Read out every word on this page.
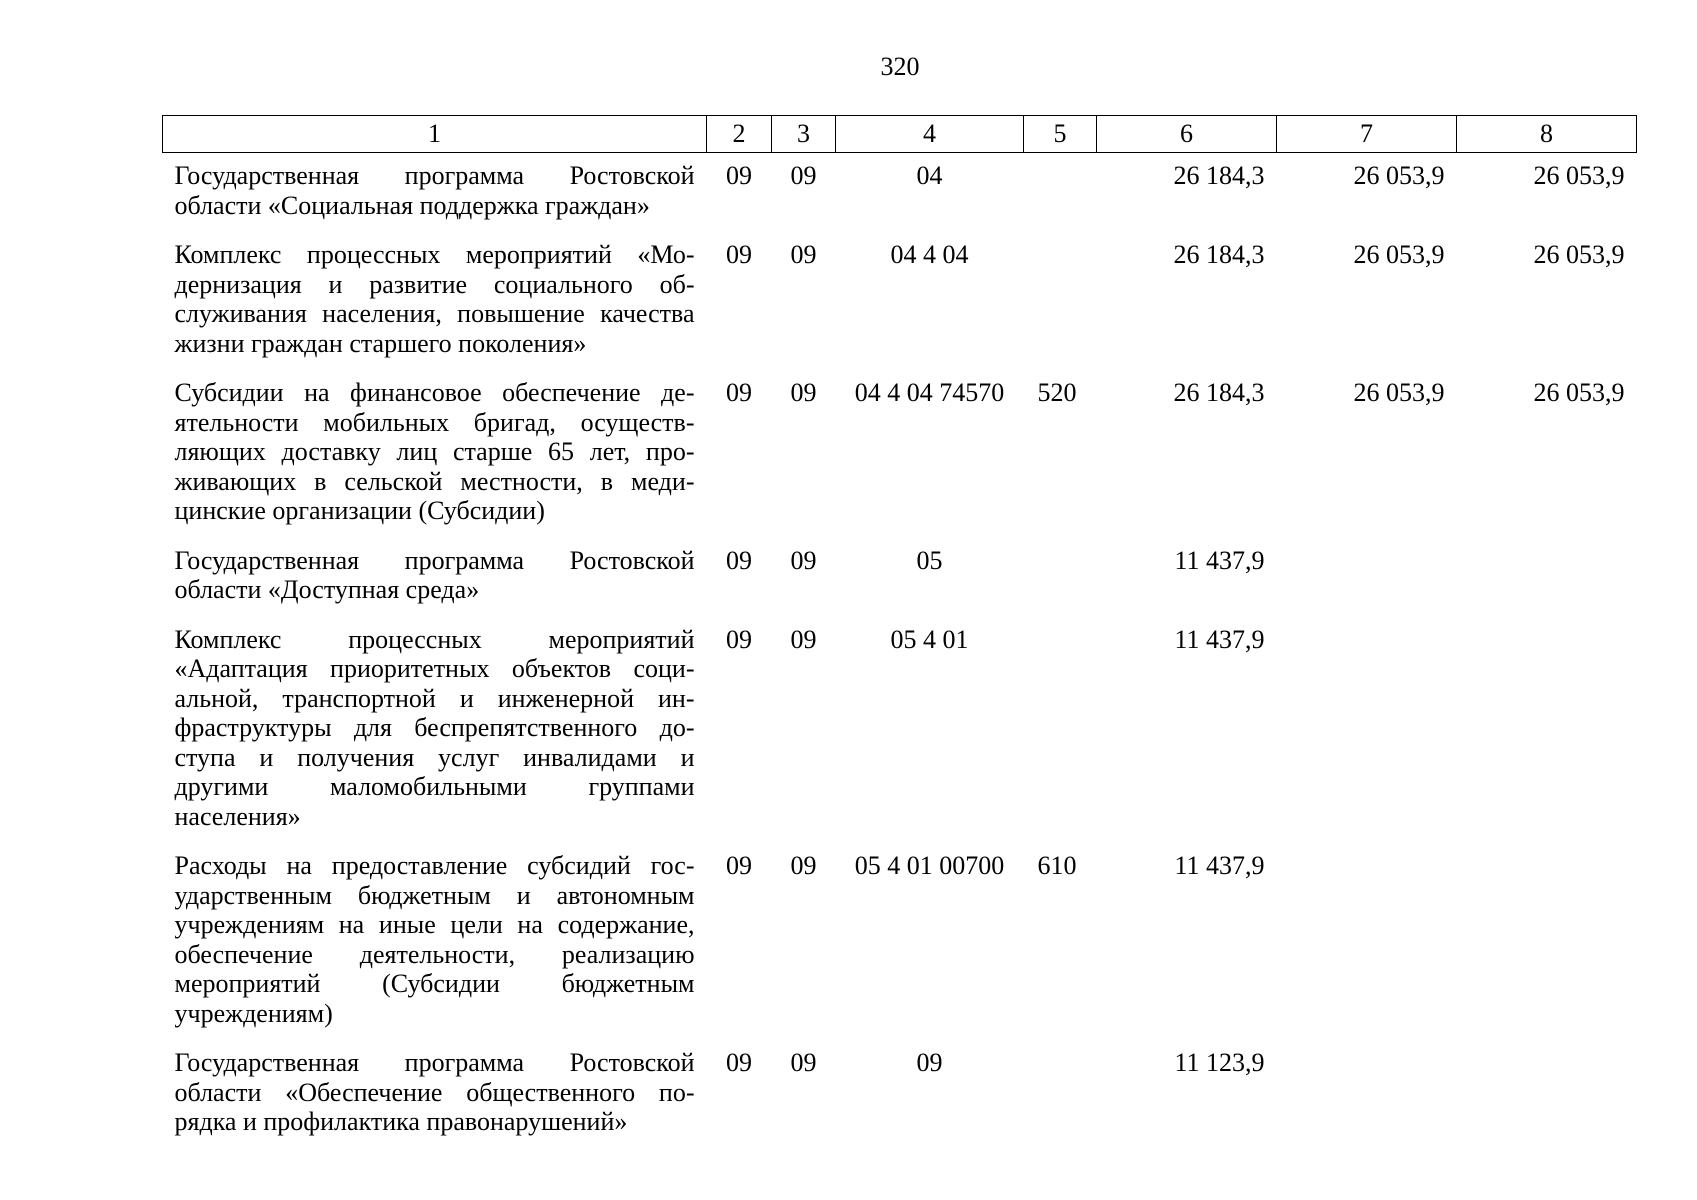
320
1	2	3	4	5	6	7	8
Государственная программа Ростовской области «Социальная поддержка граждан»	09	09	04		26 184,3	26 053,9	26 053,9
Комплекс процессных мероприятий «Модернизация и развитие социального обслуживания населения, повышение качества жизни граждан старшего поколения»	09	09	04 4 04		26 184,3	26 053,9	26 053,9
Субсидии на финансовое обеспечение деятельности мобильных бригад, осуществляющих доставку лиц старше 65 лет, проживающих в сельской местности, в медицинские организации (Субсидии)	09	09	04 4 04 74570	520	26 184,3	26 053,9	26 053,9
Государственная программа Ростовской области «Доступная среда»	09	09	05		11 437,9		
Комплекс процессных мероприятий «Адаптация приоритетных объектов социальной, транспортной и инженерной инфраструктуры для беспрепятственного доступа и получения услуг инвалидами и другими маломобильными группами населения»	09	09	05 4 01		11 437,9		
Расходы на предоставление субсидий государственным бюджетным и автономным учреждениям на иные цели на содержание, обеспечение деятельности, реализацию мероприятий (Субсидии бюджетным учреждениям)	09	09	05 4 01 00700	610	11 437,9		
Государственная программа Ростовской области «Обеспечение общественного порядка и профилактика правонарушений»	09	09	09		11 123,9		
